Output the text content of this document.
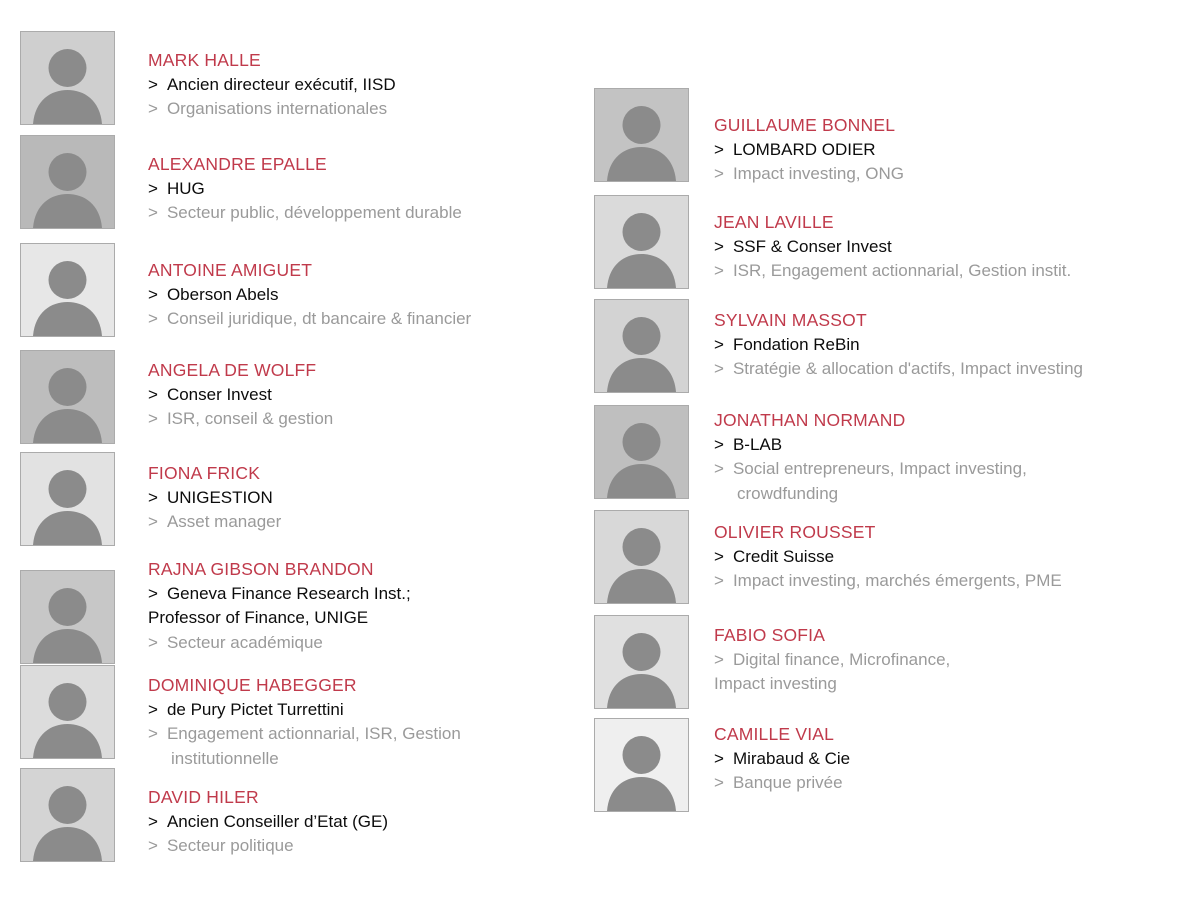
MARK HALLE
> Ancien directeur exécutif, IISD
> Organisations internationales
ALEXANDRE EPALLE
> HUG
> Secteur public, développement durable
ANTOINE AMIGUET
> Oberson Abels
> Conseil juridique, dt bancaire & financier
ANGELA DE WOLFF
> Conser Invest
> ISR, conseil & gestion
FIONA FRICK
> UNIGESTION
> Asset manager
RAJNA GIBSON BRANDON
> Geneva Finance Research Inst.;
Professor of Finance, UNIGE
> Secteur académique
DOMINIQUE HABEGGER
> de Pury Pictet Turrettini
> Engagement actionnarial, ISR, Gestion
institutionnelle
DAVID HILER
> Ancien Conseiller d’Etat (GE)
> Secteur politique
GUILLAUME BONNEL
> LOMBARD ODIER
> Impact investing, ONG
JEAN LAVILLE
> SSF & Conser Invest
> ISR, Engagement actionnarial, Gestion instit.
SYLVAIN MASSOT
> Fondation ReBin
> Stratégie & allocation d'actifs, Impact investing
JONATHAN NORMAND
> B-LAB
> Social entrepreneurs, Impact investing,
crowdfunding
OLIVIER ROUSSET
> Credit Suisse
> Impact investing, marchés émergents, PME
FABIO SOFIA
> Digital finance, Microfinance,
Impact investing
CAMILLE VIAL
> Mirabaud & Cie
> Banque privée
